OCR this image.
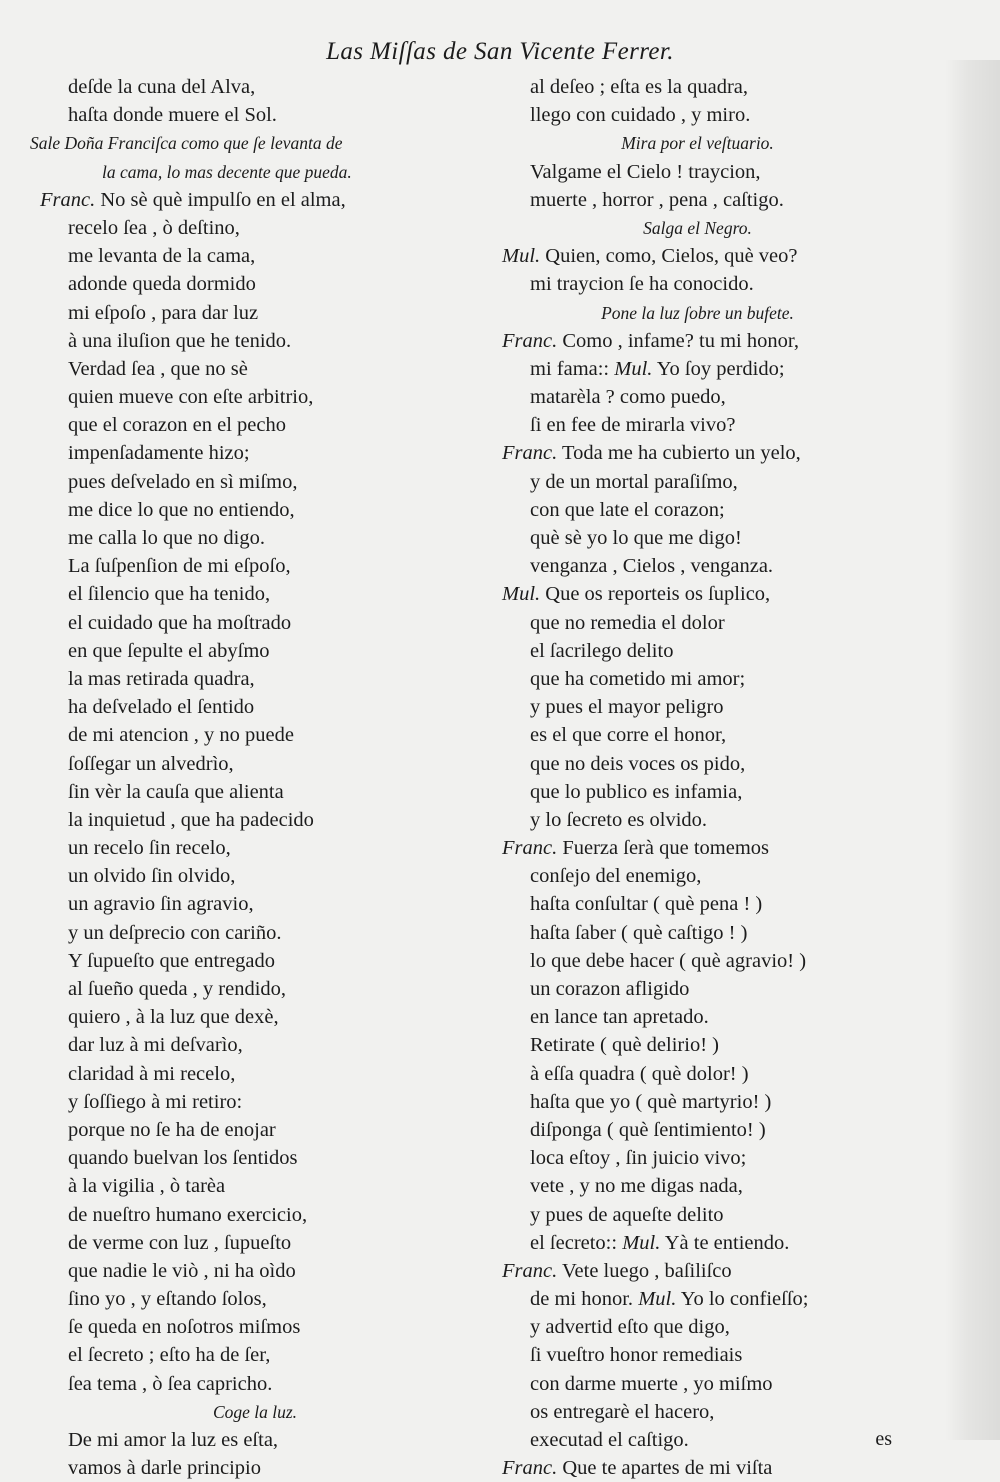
Las Miſſas de San Vicente Ferrer.
deſde la cuna del Alva,
haſta donde muere el Sol.
Sale Doña Franciſca como que ſe levanta de
la cama, lo mas decente que pueda.
Franc. No sè què impulſo en el alma,
recelo ſea , ò deſtino,
me levanta de la cama,
adonde queda dormido
mi eſpoſo , para dar luz
à una iluſion que he tenido.
Verdad ſea , que no sè
quien mueve con eſte arbitrio,
que el corazon en el pecho
impenſadamente hizo;
pues deſvelado en sì miſmo,
me dice lo que no entiendo,
me calla lo que no digo.
La ſuſpenſion de mi eſpoſo,
el ſilencio que ha tenido,
el cuidado que ha moſtrado
en que ſepulte el abyſmo
la mas retirada quadra,
ha deſvelado el ſentido
de mi atencion , y no puede
ſoſſegar un alvedrìo,
ſin vèr la cauſa que alienta
la inquietud , que ha padecido
un recelo ſin recelo,
un olvido ſin olvido,
un agravio ſin agravio,
y un deſprecio con cariño.
Y ſupueſto que entregado
al ſueño queda , y rendido,
quiero , à la luz que dexè,
dar luz à mi deſvarìo,
claridad à mi recelo,
y ſoſſiego à mi retiro:
porque no ſe ha de enojar
quando buelvan los ſentidos
à la vigilia , ò tarèa
de nueſtro humano exercicio,
de verme con luz , ſupueſto
que nadie le viò , ni ha oìdo
ſino yo , y eſtando ſolos,
ſe queda en noſotros miſmos
el ſecreto ; eſto ha de ſer,
ſea tema , ò ſea capricho.
Coge la luz.
De mi amor la luz es eſta,
vamos à darle principio
al deſeo ; eſta es la quadra,
llego con cuidado , y miro.
Mira por el veſtuario.
Valgame el Cielo ! traycion,
muerte , horror , pena , caſtigo.
Salga el Negro.
Mul. Quien, como, Cielos, què veo?
mi traycion ſe ha conocido.
Pone la luz ſobre un bufete.
Franc. Como , infame? tu mi honor,
mi fama:: Mul. Yo ſoy perdido;
matarèla ? como puedo,
ſi en fee de mirarla vivo?
Franc. Toda me ha cubierto un yelo,
y de un mortal paraſiſmo,
con que late el corazon;
què sè yo lo que me digo!
venganza , Cielos , venganza.
Mul. Que os reporteis os ſuplico,
que no remedia el dolor
el ſacrilego delito
que ha cometido mi amor;
y pues el mayor peligro
es el que corre el honor,
que no deis voces os pido,
que lo publico es infamia,
y lo ſecreto es olvido.
Franc. Fuerza ſerà que tomemos
conſejo del enemigo,
haſta conſultar ( què pena ! )
haſta ſaber ( què caſtigo ! )
lo que debe hacer ( què agravio! )
un corazon afligido
en lance tan apretado.
Retirate ( què delirio! )
à eſſa quadra ( què dolor! )
haſta que yo ( què martyrio! )
diſponga ( què ſentimiento! )
loca eſtoy , ſin juicio vivo;
vete , y no me digas nada,
y pues de aqueſte delito
el ſecreto:: Mul. Yà te entiendo.
Franc. Vete luego , baſiliſco
de mi honor. Mul. Yo lo confieſſo;
y advertid eſto que digo,
ſi vueſtro honor remediais
con darme muerte , yo miſmo
os entregarè el hacero,
executad el caſtigo.
Franc. Que te apartes de mi viſta
es
